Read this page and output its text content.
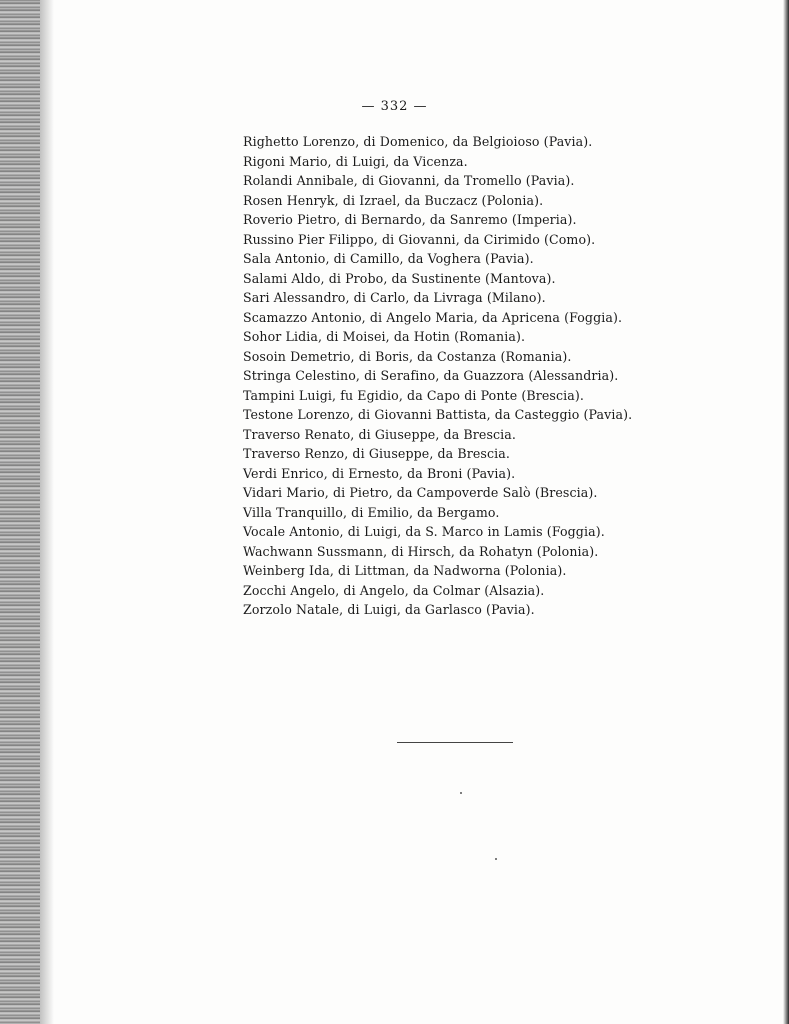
— 332 —
Righetto Lorenzo, di Domenico, da Belgioioso (Pavia).
Rigoni Mario, di Luigi, da Vicenza.
Rolandi Annibale, di Giovanni, da Tromello (Pavia).
Rosen Henryk, di Izrael, da Buczacz (Polonia).
Roverio Pietro, di Bernardo, da Sanremo (Imperia).
Russino Pier Filippo, di Giovanni, da Cirimido (Como).
Sala Antonio, di Camillo, da Voghera (Pavia).
Salami Aldo, di Probo, da Sustinente (Mantova).
Sari Alessandro, di Carlo, da Livraga (Milano).
Scamazzo Antonio, di Angelo Maria, da Apricena (Foggia).
Sohor Lidia, di Moisei, da Hotin (Romania).
Sosoin Demetrio, di Boris, da Costanza (Romania).
Stringa Celestino, di Serafino, da Guazzora (Alessandria).
Tampini Luigi, fu Egidio, da Capo di Ponte (Brescia).
Testone Lorenzo, di Giovanni Battista, da Casteggio (Pavia).
Traverso Renato, di Giuseppe, da Brescia.
Traverso Renzo, di Giuseppe, da Brescia.
Verdi Enrico, di Ernesto, da Broni (Pavia).
Vidari Mario, di Pietro, da Campoverde Salò (Brescia).
Villa Tranquillo, di Emilio, da Bergamo.
Vocale Antonio, di Luigi, da S. Marco in Lamis (Foggia).
Wachwann Sussmann, di Hirsch, da Rohatyn (Polonia).
Weinberg Ida, di Littman, da Nadworna (Polonia).
Zocchi Angelo, di Angelo, da Colmar (Alsazia).
Zorzolo Natale, di Luigi, da Garlasco (Pavia).
